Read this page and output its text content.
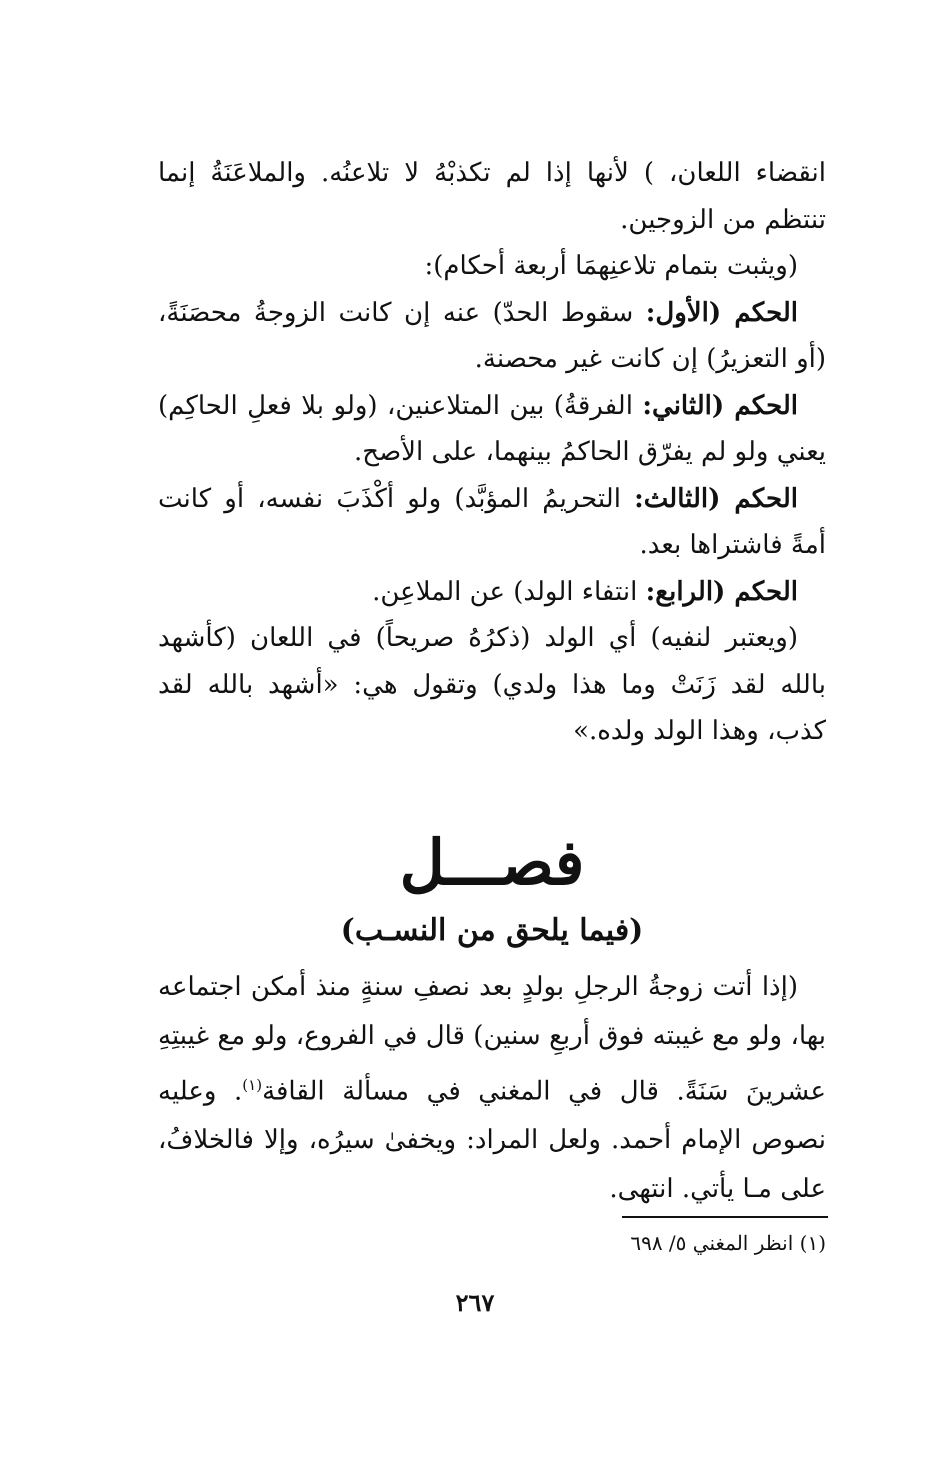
انقضاء اللعان، ) لأنها إذا لم تكذبْهُ لا تلاعنُه. والملاعَنَةُ إنما تنتظم من الزوجين.

(ويثبت بتمام تلاعنِهمَا أربعة أحكام):

الحكم (الأول: سقوط الحدّ) عنه إن كانت الزوجةُ محصَنَةً، (أو التعزيرُ) إن كانت غير محصنة.

الحكم (الثاني: الفرقةُ) بين المتلاعنين، (ولو بلا فعلِ الحاكِم) يعني ولو لم يفرّق الحاكمُ بينهما، على الأصح.

الحكم (الثالث: التحريمُ المؤبَّد) ولو أكْذَبَ نفسه، أو كانت أمةً فاشتراها بعد.

الحكم (الرابع: انتفاء الولد) عن الملاعِن.

(ويعتبر لنفيه) أي الولد (ذكرُهُ صريحاً) في اللعان (كأشهد بالله لقد زَنَتْ وما هذا ولدي) وتقول هي: «أشهد بالله لقد كذب، وهذا الولد ولده.»

فصـــل
(فيما يلحق من النسـب)

(إذا أتت زوجةُ الرجلِ بولدٍ بعد نصفِ سنةٍ منذ أمكن اجتماعه بها، ولو مع غيبته فوق أربعِ سنين) قال في الفروع، ولو مع غيبتِهِ عشرينَ سَنَةً. قال في المغني في مسألة القافة$^{(١)}$. وعليه نصوص الإمام أحمد. ولعل المراد: ويخفىٰ سيرُه، وإلا فالخلافُ، على مـا يأتي. انتهى.

(١) انظر المغني ٥/ ٦٩٨
٢٦٧
